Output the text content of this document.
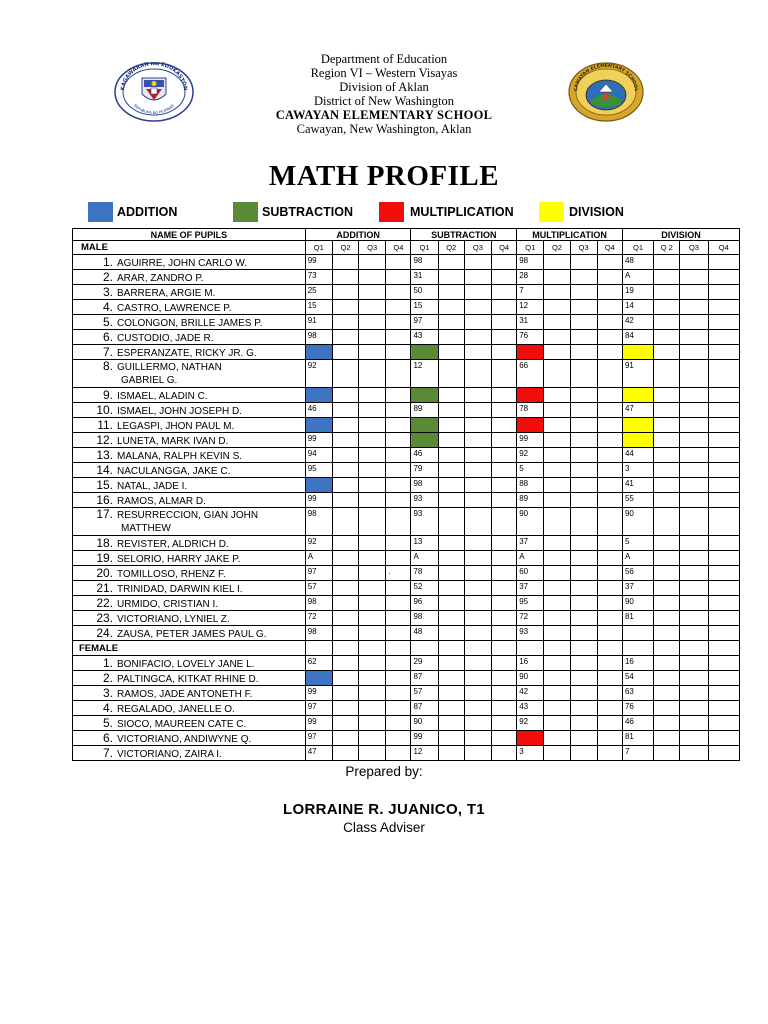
Department of Education
Region VI – Western Visayas
Division of Aklan
District of New Washington
CAWAYAN ELEMENTARY SCHOOL
Cawayan, New Washington, Aklan
KAGAWARAN NG EDUKASYON
REPUBLIKA NG PILIPINAS
CAWAYAN ELEMENTARY SCHOOL
MATH PROFILE
ADDITION	SUBTRACTION	MULTIPLICATION	DIVISION
NAME OF PUPILS	ADDITION				SUBTRACTION				MULTIPLICATION				DIVISION			
MALE	Q1	Q2	Q3	Q4	Q1	Q2	Q3	Q4	Q1	Q2	Q3	Q4	Q1	Q 2	Q3	Q4
1. AGUIRRE, JOHN CARLO W.	99				98				98				48			
2. ARAR, ZANDRO P.	73				31				28				A			
3. BARRERA, ARGIE M.	25				50				7				19			
4. CASTRO, LAWRENCE P.	15				15				12				14			
5. COLONGON, BRILLE JAMES P.	91				97				31				42			
6. CUSTODIO, JADE R.	98				43				76				84			
7. ESPERANZATE, RICKY JR. G.																

8. GUILLERMO, NATHAN
GABRIEL G.	92				12				66				91			
9. ISMAEL, ALADIN C.																
10. ISMAEL, JOHN JOSEPH D.	46				89				78				47			
11. LEGASPI, JHON PAUL M.																
12. LUNETA, MARK IVAN D.	99								99							
13. MALANA, RALPH KEVIN S.	94				46				92				44			
14. NACULANGGA, JAKE C.	95				79				5				3			
15. NATAL, JADE I.					98				88				41			
16. RAMOS, ALMAR D.	99				93				89				55			

17. RESURRECCION, GIAN JOHN
MATTHEW	98				93				90				90			
18. REVISTER, ALDRICH D.	92				13				37				5			
19. SELORIO, HARRY JAKE P.	A				A				A				A			
20. TOMILLOSO, RHENZ F.	97			.	78				60				56			
21. TRINIDAD, DARWIN KIEL I.	57				52				37				37			
22. URMIDO, CRISTIAN I.	98				96				95				90			
23. VICTORIANO, LYNIEL Z.	72				98				72				81			
24. ZAUSA, PETER JAMES PAUL G.	98				48				93							
FEMALE																
1. BONIFACIO, LOVELY JANE L.	62				29				16				16			
2. PALTINGCA, KITKAT RHINE D.					87				90				54			
3. RAMOS, JADE ANTONETH F.	99				57				42				63			
4. REGALADO, JANELLE O.	97				87				43				76			
5. SIOCO, MAUREEN CATE C.	99				90				92				46			
6. VICTORIANO, ANDIWYNE Q.	97				99								81			
7. VICTORIANO, ZAIRA I.	47				12				3				7			
Prepared by:
LORRAINE R. JUANICO, T1
Class Adviser
